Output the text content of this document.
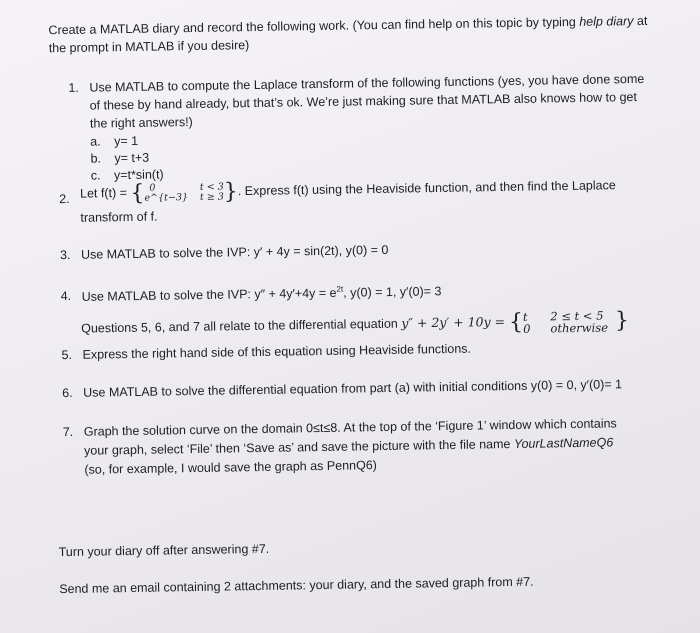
Create a MATLAB diary and record the following work. (You can find help on this topic by typing help diary at
the prompt in MATLAB if you desire)
1. Use MATLAB to compute the Laplace transform of the following functions (yes, you have done some
of these by hand already, but that’s ok. We’re just making sure that MATLAB also knows how to get
the right answers!)
a. y= 1
b. y= t+3
c. y=t*sin(t)
2. Let f(t) = { 0
e^{t−3}t < 3
t ≥ 3}. Express f(t) using the Heaviside function, and then find the Laplace
transform of f.
3. Use MATLAB to solve the IVP: y′ + 4y = sin(2t), y(0) = 0
4. Use MATLAB to solve the IVP: $y'' + 4y'+4y = e^{2t}$, y(0) = 1, y′(0)= 3
Questions 5, 6, and 7 all relate to the differential equation y″ + 2y′ + 10y = {t
02 ≤ t < 5
otherwise }
5. Express the right hand side of this equation using Heaviside functions.
6. Use MATLAB to solve the differential equation from part (a) with initial conditions y(0) = 0, y′(0)= 1
7. Graph the solution curve on the domain 0≤t≤8. At the top of the ‘Figure 1’ window which contains
your graph, select ‘File’ then ‘Save as’ and save the picture with the file name YourLastNameQ6
(so, for example, I would save the graph as PennQ6)
Turn your diary off after answering #7.
Send me an email containing 2 attachments: your diary, and the saved graph from #7.
